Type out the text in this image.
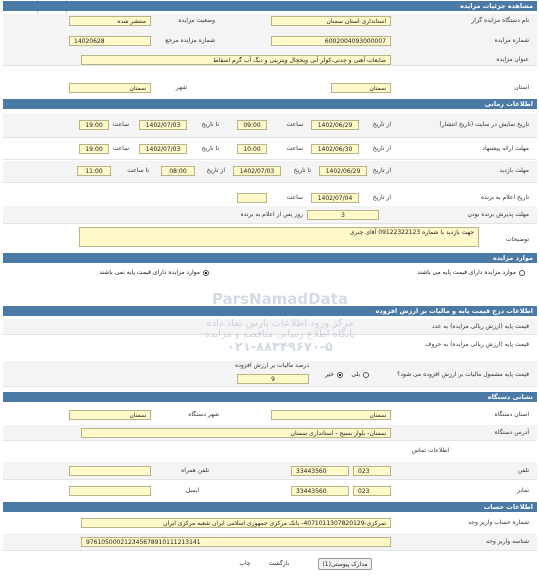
مشاهده جزئیات مزایده
نام دستگاه مزایده گزار
استانداری استان سمنان
وضعیت مزایده
منتشر شده
شماره مزایده
6002004093000007
شماره مزایده مرجع
14020628
عنوان مزایده
ضایعات آهنی و چدنی،کولر آبی ویخچال ویترینی و دیگ آب گرم اسقاط
استان
سمنان
شهر
سمنان
اطلاعات زمانی
تاریخ نمایش در سایت (تاریخ انتشار)
از تاریخ
1402/06/29
ساعت
09:00
تا تاریخ
1402/07/03
ساعت
19:00
مهلت ارائه پیشنهاد
از تاریخ
1402/06/30
ساعت
10:00
تا تاریخ
1402/07/03
ساعت
19:00
مهلت بازدید
از تاریخ
1402/06/29
تا تاریخ
1402/07/03
از تاریخ
08:00
تا ساعت
11:00
تاریخ اعلام به برنده
از تاریخ
1402/07/04
ساعت
مهلت پذیرش برنده بودن
3
روز پس از اعلام به برنده
توضیحات
جهت بازدید با شماره 09122322123 آقای چنری
موارد مزایده
موارد مزایده دارای قیمت پایه می باشند
موارد مزایده دارای قیمت پایه نمی باشند
اطلاعات درج قیمت پایه و مالیات بر ارزش افزوده
قیمت پایه (ارزش ریالی مزایده) به عدد
قیمت پایه (ارزش ریالی مزایده) به حروف
قیمت پایه مشمول مالیات بر ارزش افزوده می شود؟
بلی
خیر
درصد مالیات بر ارزش افزوده
9
نشانی دستگاه
استان دستگاه
سمنان
شهر دستگاه
سمنان
آدرس دستگاه
سمنان- بلوار بسیج - استانداری سمنان
اطلاعات تماس
تلفن
023
33443560
تلفن همراه
نمابر
023
33443560
ایمیل
اطلاعات حساب
شماره حساب واریز وجه
تمرکزی-4071011307820129- بانک مرکزی جمهوری اسلامی ایران شعبه مرکزی ایران
شناسه واریز وجه
976105000212345678910111213141
مدارک پیوستی(1)
بازگشت
چاپ
ParsNamadData
مرکز ورود اطلاعات پارس نماد داده
پایگاه اطلاع رسانی مناقصه و مزایده
۰۲۱-۸۸۳۴۹۶۷۰-۵
